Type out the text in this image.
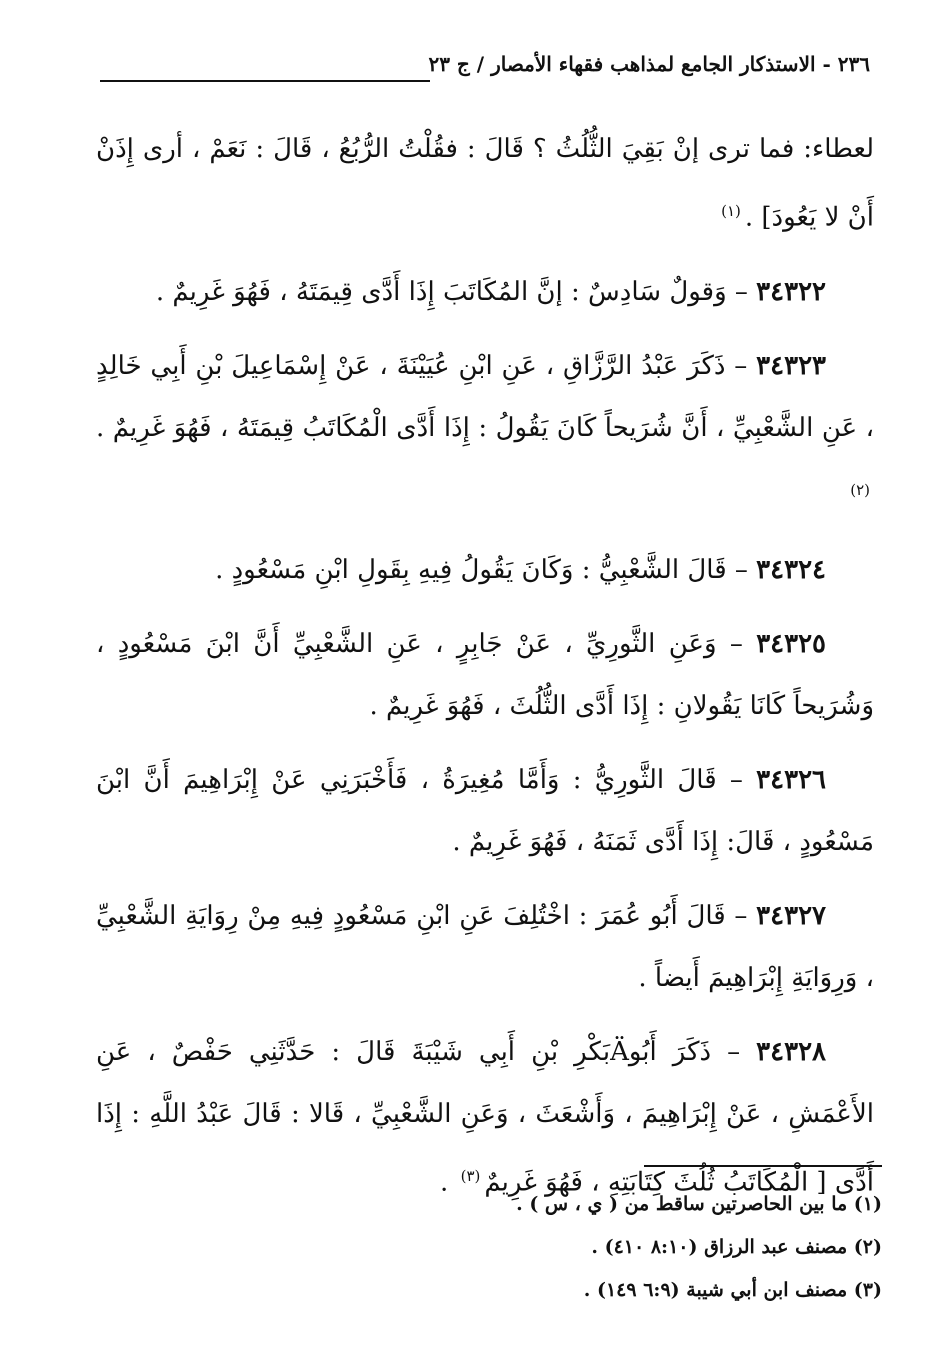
٢٣٦ - الاستذكار الجامع لمذاهب فقهاء الأمصار / ج ٢٣

لعطاء: فما ترى إنْ بَقِيَ الثُّلُثُ ؟ قَالَ : فقُلْتُ الرُّبُعُ ، قَالَ : نَعَمْ ، أرى إِذَنْ أَنْ لا يَعُودَ] .$^{(١)}$

٣٤٣٢٢ – وَقولٌ سَادِسٌ : إنَّ المُكَاتَبَ إِذَا أَدَّى قِيمَتَهُ ، فَهُوَ غَرِيمٌ .

٣٤٣٢٣ – ذَكَرَ عَبْدُ الرَّزَّاقِ ، عَنِ ابْنِ عُيَيْنَةَ ، عَنْ إِسْمَاعِيلَ بْنِ أَبِي خَالِدٍ ، عَنِ الشَّعْبِيِّ ، أَنَّ شُرَيحاً كَانَ يَقُولُ : إِذَا أَدَّى الْمُكَاتَبُ قِيمَتَهُ ، فَهُوَ غَرِيمٌ .$^{(٢)}$

٣٤٣٢٤ – قَالَ الشَّعْبِيُّ : وَكَانَ يَقُولُ فِيهِ بِقَولِ ابْنِ مَسْعُودٍ .

٣٤٣٢٥ – وَعَنِ الثَّورِيِّ ، عَنْ جَابِرٍ ، عَنِ الشَّعْبِيِّ أَنَّ ابْنَ مَسْعُودٍ ، وَشُرَيحاً كَانَا يَقُولانِ : إِذَا أَدَّى الثُّلُثَ ، فَهُوَ غَرِيمٌ .

٣٤٣٢٦ – قَالَ الثَّورِيُّ : وَأَمَّا مُغِيرَةُ ، فَأَخْبَرَنِي عَنْ إِبْرَاهِيمَ أَنَّ ابْنَ مَسْعُودٍ ، قَالَ: إِذَا أَدَّى ثَمَنَهُ ، فَهُوَ غَرِيمٌ .

٣٤٣٢٧ – قَالَ أَبُو عُمَرَ : اخْتُلِفَ عَنِ ابْنِ مَسْعُودٍ فِيهِ مِنْ رِوَايَةِ الشَّعْبِيِّ ، وَرِوَايَةِ إِبْرَاهِيمَ أَيضاً .

٣٤٣٢٨ – ذَكَرَ أَبُوÄبَكْرِ بْنِ أَبِي شَيْبَةَ قَالَ : حَدَّثَنِي حَفْصٌ ، عَنِ الأَعْمَشِ ، عَنْ إِبْرَاهِيمَ ، وَأَشْعَثَ ، وَعَنِ الشَّعْبِيِّ ، قَالا : قَالَ عَبْدُ اللَّهِ : إِذَا أَدَّى [ الْمُكَاتَبُ ثُلُثَ كِتَابَتِهِ ، فَهُوَ غَرِيمٌ$^{(٣)}$ .

(١) ما بين الحاصرتين ساقط من ( ي ، س ) .

(٢) مصنف عبد الرزاق (٨:١٠ ٤١٠) .

(٣) مصنف ابن أبي شيبة (٦:٩ ١٤٩) .
